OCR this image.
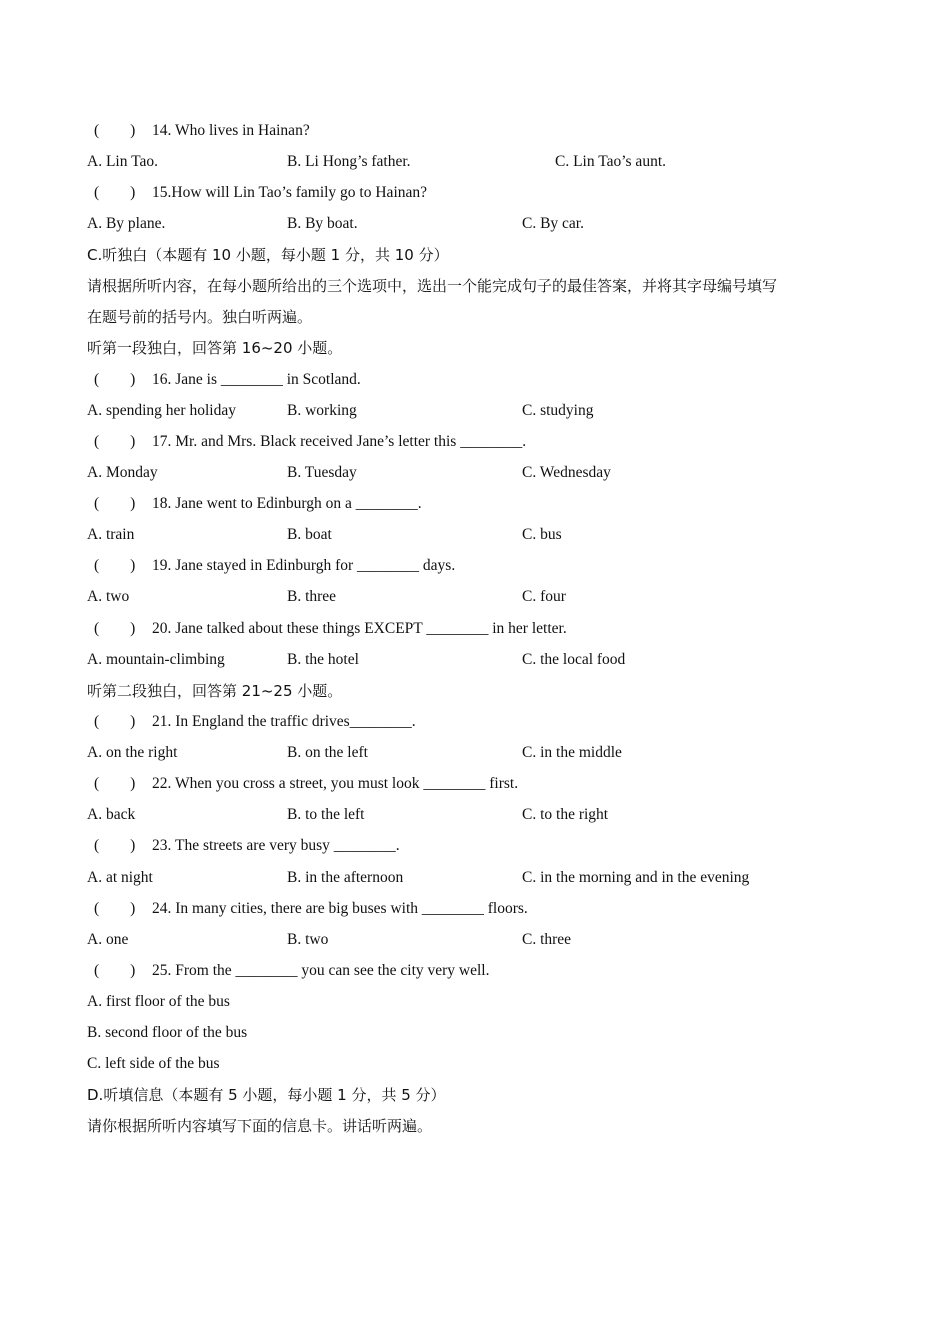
(　　) 14. Who lives in Hainan?
A. Lin Tao.	B. Li Hong’s father.	C. Lin Tao’s aunt.
(　　) 15.How will Lin Tao’s family go to Hainan?
A. By plane.	B. By boat.	C. By car.
C.听独白（本题有 10 小题，每小题 1 分，共 10 分）
请根据所听内容，在每小题所给出的三个选项中，选出一个能完成句子的最佳答案，并将其字母编号填写
在题号前的括号内。独白听两遍。
听第一段独白，回答第 16~20 小题。
(　　) 16. Jane is ________ in Scotland.
A. spending her holiday	B. working	C. studying
(　　) 17. Mr. and Mrs. Black received Jane’s letter this ________.
A. Monday	B. Tuesday	C. Wednesday
(　　) 18. Jane went to Edinburgh on a ________.
A. train	B. boat	C. bus
(　　) 19. Jane stayed in Edinburgh for ________ days.
A. two	B. three	C. four
(　　) 20. Jane talked about these things EXCEPT ________ in her letter.
A. mountain-climbing	B. the hotel	C. the local food
听第二段独白，回答第 21~25 小题。
(　　) 21. In England the traffic drives________.
A. on the right	B. on the left	C. in the middle
(　　) 22. When you cross a street, you must look ________ first.
A. back	B. to the left	C. to the right
(　　) 23. The streets are very busy ________.
A. at night	B. in the afternoon	C. in the morning and in the evening
(　　) 24. In many cities, there are big buses with ________ floors.
A. one	B. two	C. three
(　　) 25. From the ________ you can see the city very well.
A. first floor of the bus
B. second floor of the bus
C. left side of the bus
D.听填信息（本题有 5 小题，每小题 1 分，共 5 分）
请你根据所听内容填写下面的信息卡。讲话听两遍。
